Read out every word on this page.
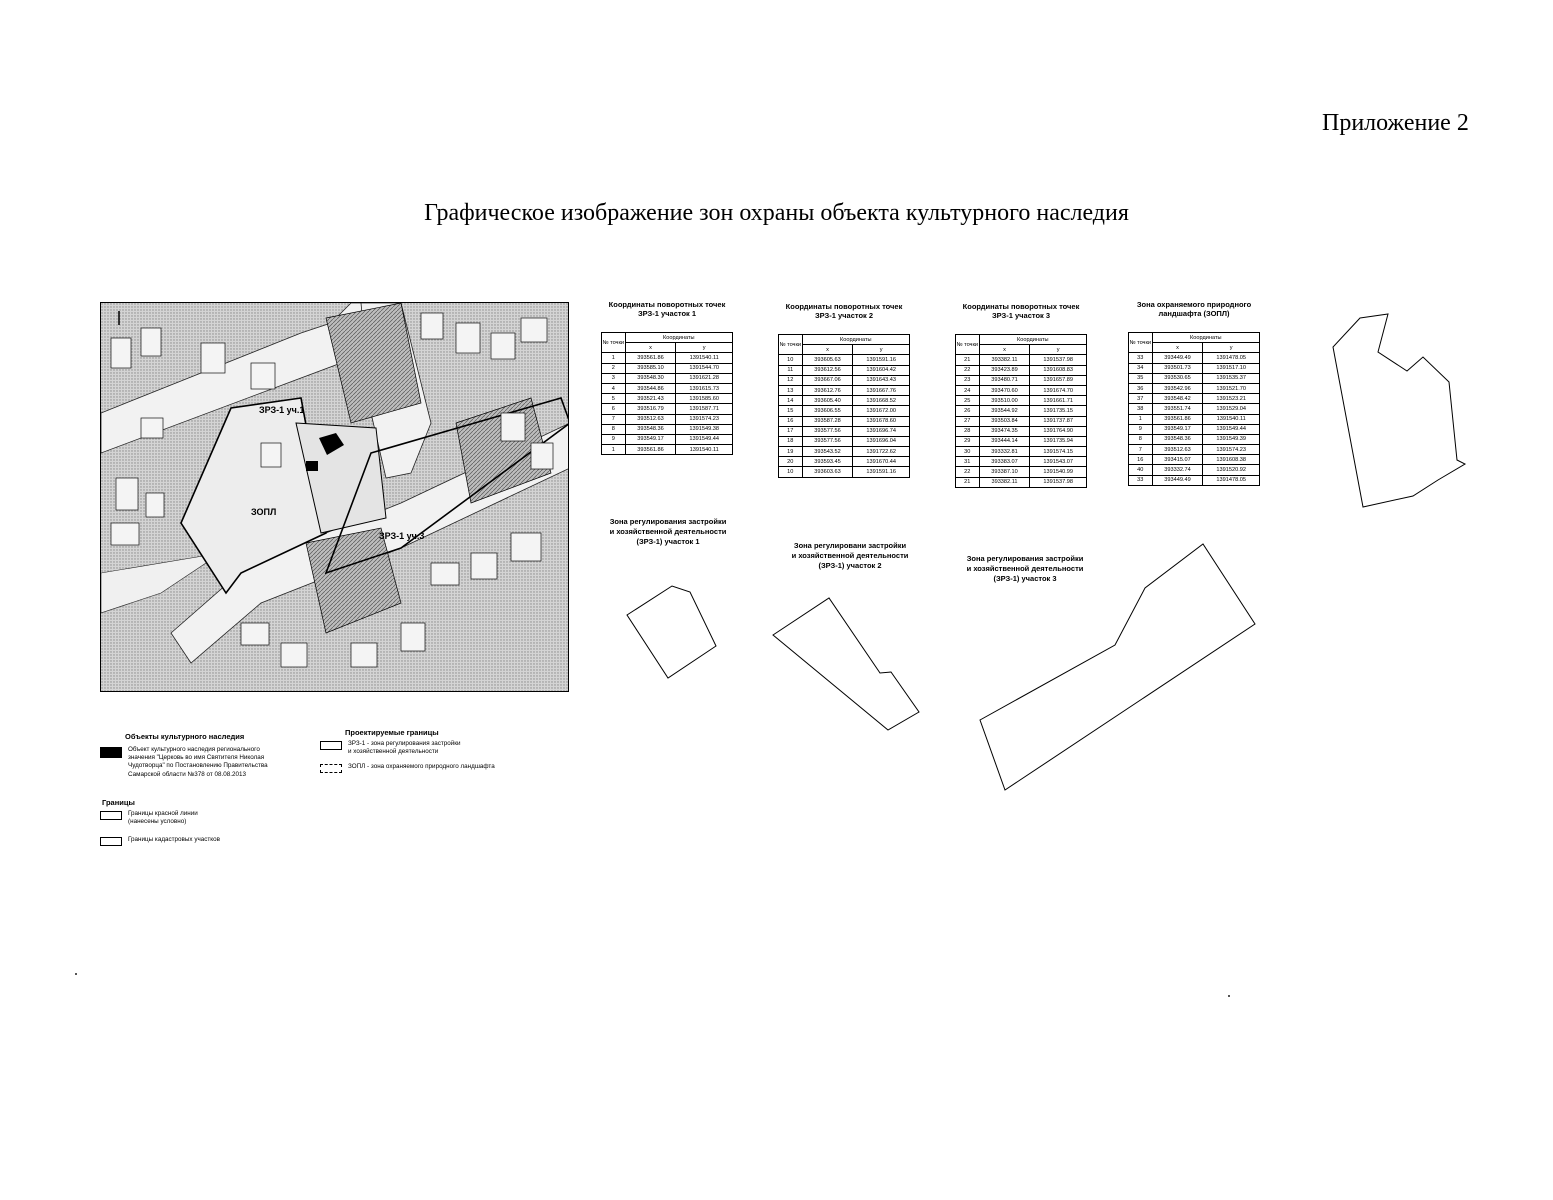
Приложение 2
Графическое изображение зон охраны объекта культурного наследия
ЗРЗ-1 уч.1
ЗОПЛ
ЗРЗ-1 уч.3
Координаты поворотных точек
ЗРЗ-1 участок 1
№ точки	Координаты	
	x	y
1	393561.86	1391540.11
2	393585.10	1391544.70
3	393548.30	1391621.28
4	393544.86	1391615.73
5	393521.43	1391585.60
6	393516.79	1391587.71
7	393512.63	1391574.23
8	393548.36	1391549.38
9	393549.17	1391549.44
1	393561.86	1391540.11
Координаты поворотных точек
ЗРЗ-1 участок 2
№ точки	Координаты	
	x	y
10	393605.63	1391591.16
11	393612.56	1391604.42
12	393667.06	1391643.43
13	393612.76	1391667.76
14	393605.40	1391668.52
15	393606.55	1391672.00
16	393587.28	1391678.60
17	393577.56	1391696.74
18	393577.56	1391696.04
19	393543.52	1391722.62
20	393593.45	1391670.44
10	393603.63	1391591.16
Координаты поворотных точек
ЗРЗ-1 участок 3
№ точки	Координаты	
	x	y
21	393382.11	1391537.98
22	393423.89	1391608.83
23	393480.71	1391657.89
24	393470.60	1391674.70
25	393510.00	1391661.71
26	393544.92	1391735.15
27	393503.84	1391737.87
28	393474.35	1391764.90
29	393444.14	1391735.94
30	393332.81	1391574.15
31	393383.07	1391543.07
22	393387.10	1391540.99
21	393382.11	1391537.98
Зона охраняемого природного
ландшафта (ЗОПЛ)
№ точки	Координаты	
	x	y
33	393449.49	1391478.05
34	393501.73	1391517.10
35	393530.65	1391535.37
36	393542.96	1391521.70
37	393548.42	1391523.21
38	393551.74	1391529.04
1	393561.86	1391540.11
9	393549.17	1391549.44
8	393548.36	1391549.39
7	393512.63	1391574.23
16	393415.07	1391608.38
40	393332.74	1391520.92
33	393449.49	1391478.05
Зона регулирования застройки
и хозяйственной деятельности
(ЗРЗ-1) участок 1	Зона регулировани застройки
и хозяйственной деятельности
(ЗРЗ-1) участок 2
Зона регулирования застройки
и хозяйственной деятельности
(ЗРЗ-1) участок 3
Объекты культурного наследия
Объект культурного наследия регионального
значения "Церковь во имя Святителя Николая
Чудотворца" по Постановлению Правительства
Самарской области №378 от 08.08.2013
Границы
Границы красной линии
(нанесены условно)
Границы кадастровых участков
Проектируемые границы
ЗРЗ-1 - зона регулирования застройки
и хозяйственной деятельности
ЗОПЛ - зона охраняемого природного ландшафта
